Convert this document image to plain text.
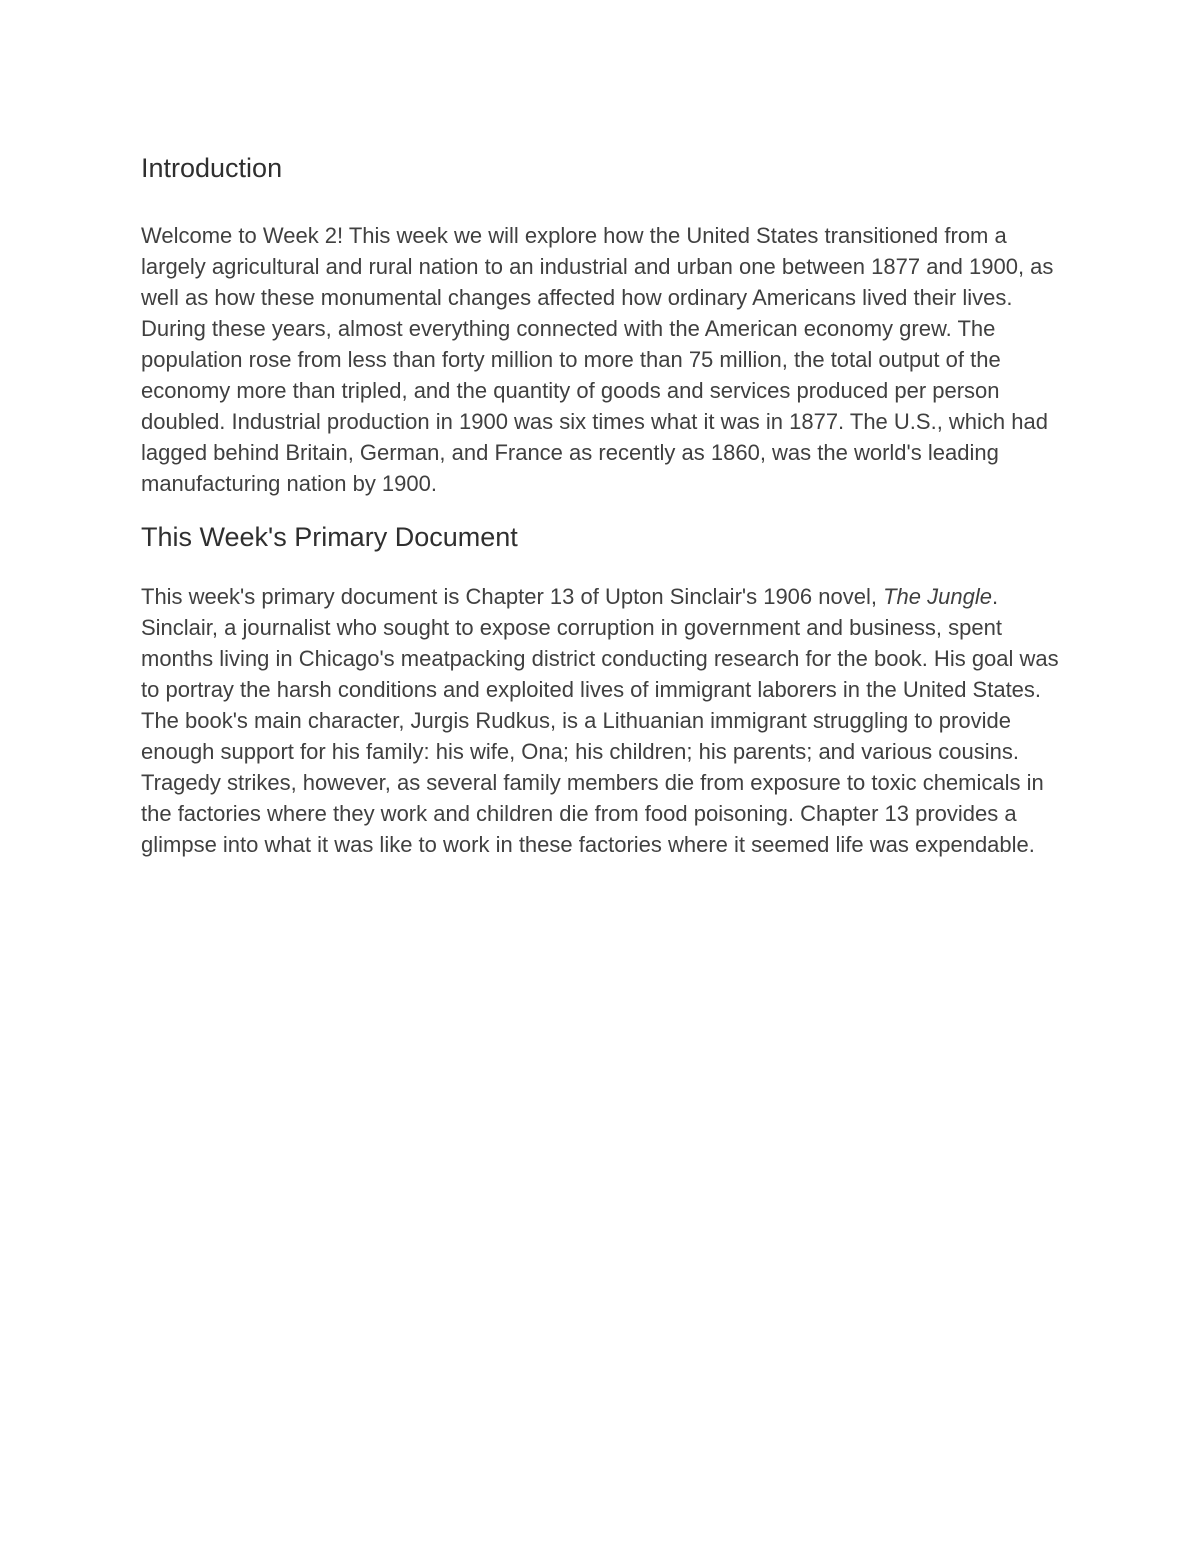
Introduction

Welcome to Week 2! This week we will explore how the United States transitioned from a largely agricultural and rural nation to an industrial and urban one between 1877 and 1900, as well as how these monumental changes affected how ordinary Americans lived their lives. During these years, almost everything connected with the American economy grew. The population rose from less than forty million to more than 75 million, the total output of the economy more than tripled, and the quantity of goods and services produced per person doubled. Industrial production in 1900 was six times what it was in 1877. The U.S., which had lagged behind Britain, German, and France as recently as 1860, was the world's leading manufacturing nation by 1900.

This Week's Primary Document

This week's primary document is Chapter 13 of Upton Sinclair's 1906 novel, The Jungle. Sinclair, a journalist who sought to expose corruption in government and business, spent months living in Chicago's meatpacking district conducting research for the book. His goal was to portray the harsh conditions and exploited lives of immigrant laborers in the United States. The book's main character, Jurgis Rudkus, is a Lithuanian immigrant struggling to provide enough support for his family: his wife, Ona; his children; his parents; and various cousins. Tragedy strikes, however, as several family members die from exposure to toxic chemicals in the factories where they work and children die from food poisoning. Chapter 13 provides a glimpse into what it was like to work in these factories where it seemed life was expendable.
